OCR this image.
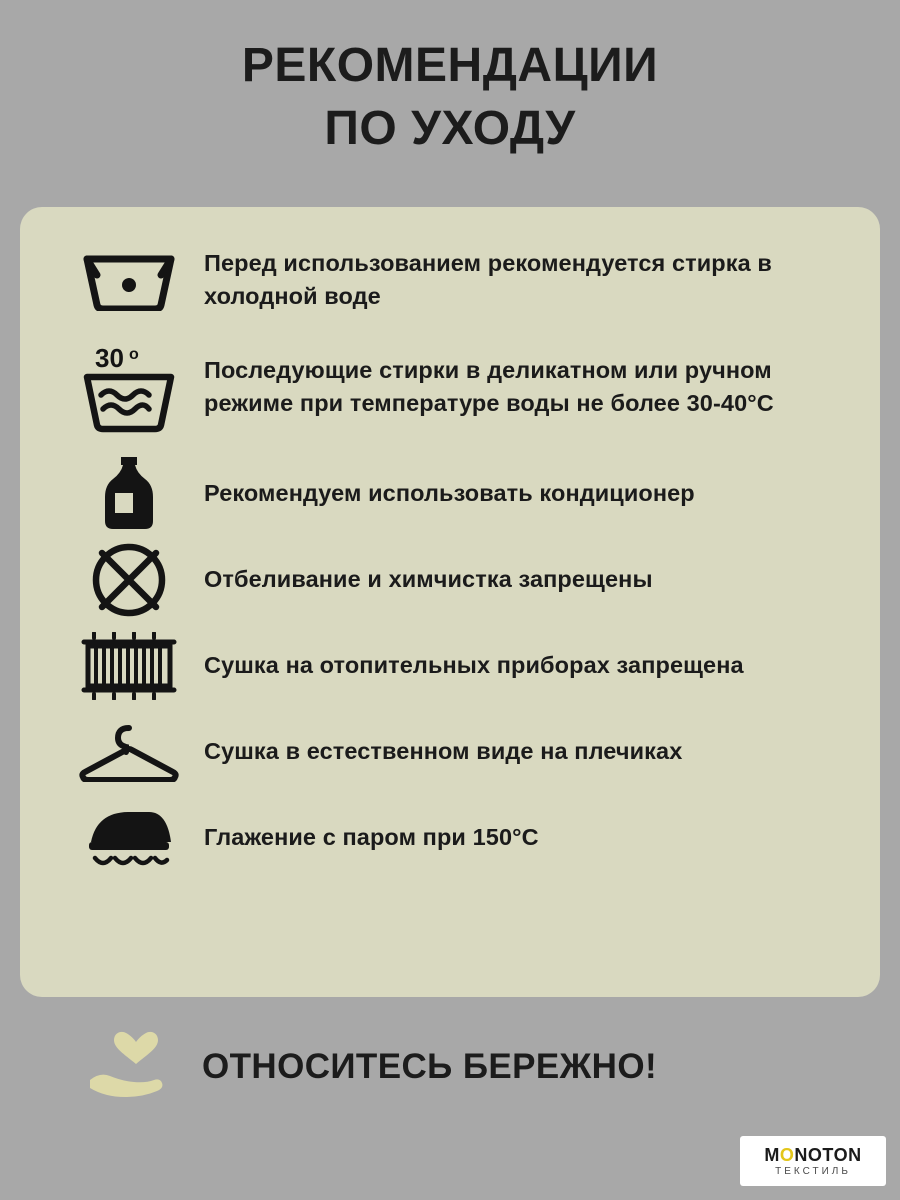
РЕКОМЕНДАЦИИ
ПО УХОДУ
Перед использованием рекомендуется стирка в холодной воде
30 o
Последующие стирки в деликатном или ручном режиме при температуре воды не более 30-40°С
Рекомендуем использовать кондиционер
Отбеливание и химчистка запрещены
Сушка на отопительных приборах запрещена
Сушка в естественном виде на плечиках
Глажение с паром при 150°С
ОТНОСИТЕСЬ БЕРЕЖНО!
MONOTON
ТЕКСТИЛЬ
